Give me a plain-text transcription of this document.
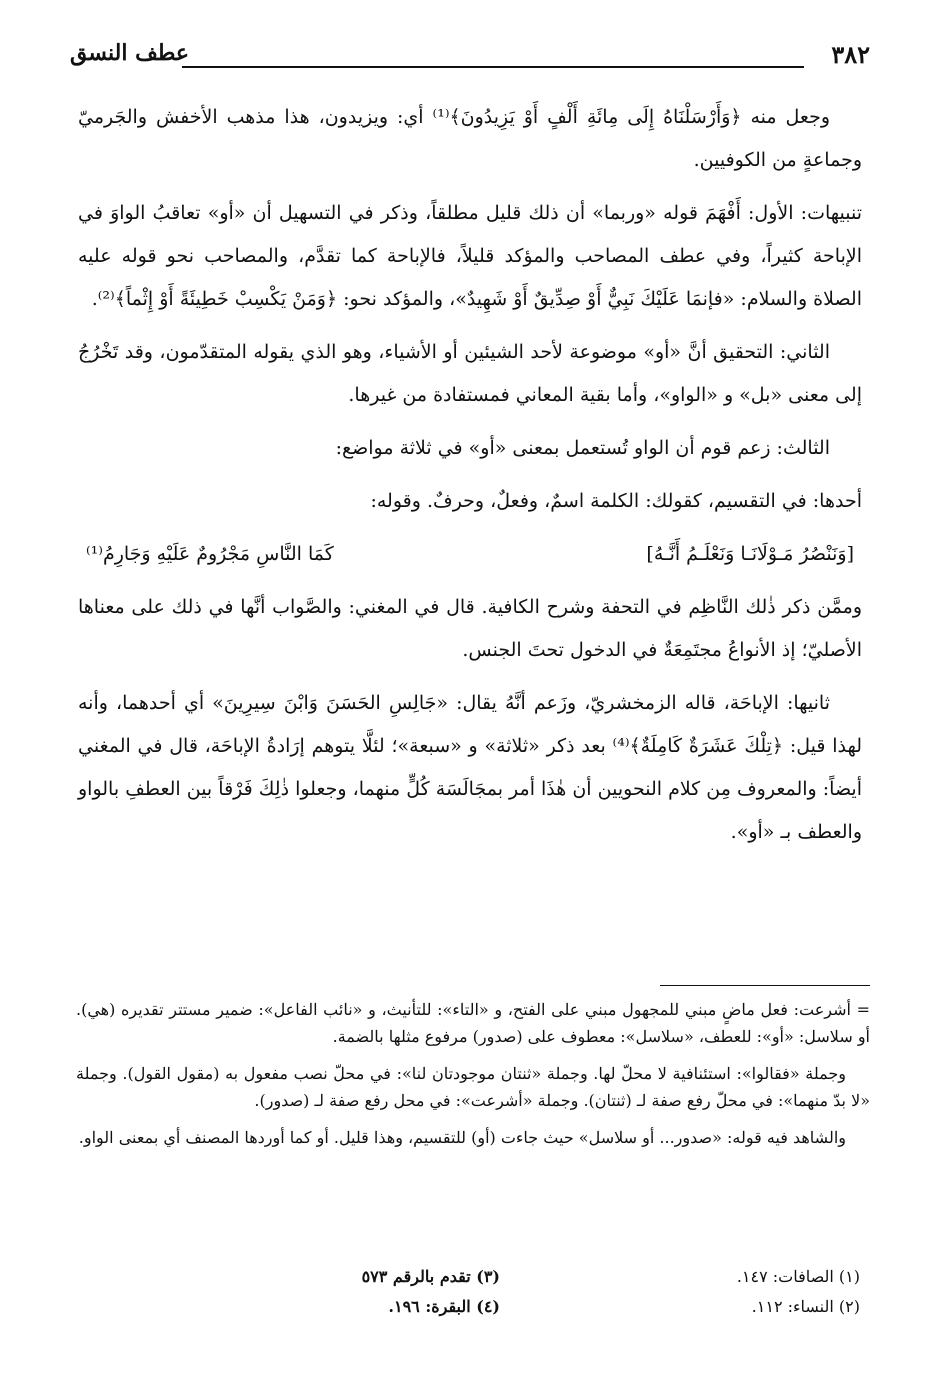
٣٨٢
عطف النسق

وجعل منه ﴿وَأَرْسَلْنَاهُ إِلَى مِائَةِ أَلْفٍ أَوْ يَزِيدُونَ﴾⁽¹⁾ أي: ويزيدون، هذا مذهب الأخفش والجَرميّ وجماعةٍ من الكوفيين.

تنبيهات: الأول: أَفْهَمَ قوله «وربما» أن ذلك قليل مطلقاً، وذكر في التسهيل أن «أو» تعاقبُ الواوَ في الإباحة كثيراً، وفي عطف المصاحب والمؤكد قليلاً، فالإباحة كما تقدَّم، والمصاحب نحو قوله عليه الصلاة والسلام: «فإنمَا عَلَيْكَ نَبِيٌّ أَوْ صِدِّيقٌ أَوْ شَهِيدٌ»، والمؤكد نحو: ﴿وَمَنْ يَكْسِبْ خَطِيئَةً أَوْ إِثْماً﴾⁽²⁾.

الثاني: التحقيق أنَّ «أو» موضوعة لأحد الشيئين أو الأشياء، وهو الذي يقوله المتقدّمون، وقد تَخْرُجُ إلى معنى «بل» و «الواو»، وأما بقية المعاني فمستفادة من غيرها.

الثالث: زعم قوم أن الواو تُستعمل بمعنى «أو» في ثلاثة مواضع:

أحدها: في التقسيم، كقولك: الكلمة اسمٌ، وفعلٌ، وحرفٌ. وقوله:

[وَنَنْصُرُ مَـوْلَانَـا وَنَعْلَـمُ أَنَّـهُ]
كَمَا النَّاسِ مَجْرُومٌ عَلَيْهِ وَجَارِمُ⁽¹⁾

وممَّن ذكر ذٰلك النَّاظِم في التحفة وشرح الكافية. قال في المغني: والصَّواب أنَّها في ذلك على معناها الأصليّ؛ إذ الأنواعُ مجتَمِعَةٌ في الدخول تحتَ الجنس.

ثانيها: الإباحَة، قاله الزمخشريّ، وزَعم أنَّهُ يقال: «جَالِسِ الحَسَنَ وَابْنَ سِيرِينَ» أي أحدهما، وأنه لهذا قيل: ﴿تِلْكَ عَشَرَةٌ كَامِلَةٌ﴾⁽⁴⁾ بعد ذكر «ثلاثة» و «سبعة»؛ لئلَّا يتوهم إرَادةُ الإباحَة، قال في المغني أيضاً: والمعروف مِن كلام النحويين أن هٰذَا أمر بمجَالَسَة كُلٍّ منهما، وجعلوا ذٰلِكَ فَرْقاً بين العطفِ بالواو والعطف بـ «أو».

= أشرعت: فعل ماضٍ مبني للمجهول مبني على الفتح، و «التاء»: للتأنيث، و «نائب الفاعل»: ضمير مستتر تقديره (هي). أو سلاسل: «أو»: للعطف، «سلاسل»: معطوف على (صدور) مرفوع مثلها بالضمة.

وجملة «فقالوا»: استئنافية لا محلّ لها. وجملة «ثنتان موجودتان لنا»: في محلّ نصب مفعول به (مقول القول). وجملة «لا بدّ منهما»: في محلّ رفع صفة لـ (ثنتان). وجملة «أشرعت»: في محل رفع صفة لـ (صدور).

والشاهد فيه قوله: «صدور... أو سلاسل» حيث جاءت (أو) للتقسيم، وهذا قليل. أو كما أوردها المصنف أي بمعنى الواو.

(١) الصافات: ١٤٧.
(٢) النساء: ١١٢.
(٣) تقدم بالرقم ٥٧٣
(٤) البقرة: ١٩٦.
